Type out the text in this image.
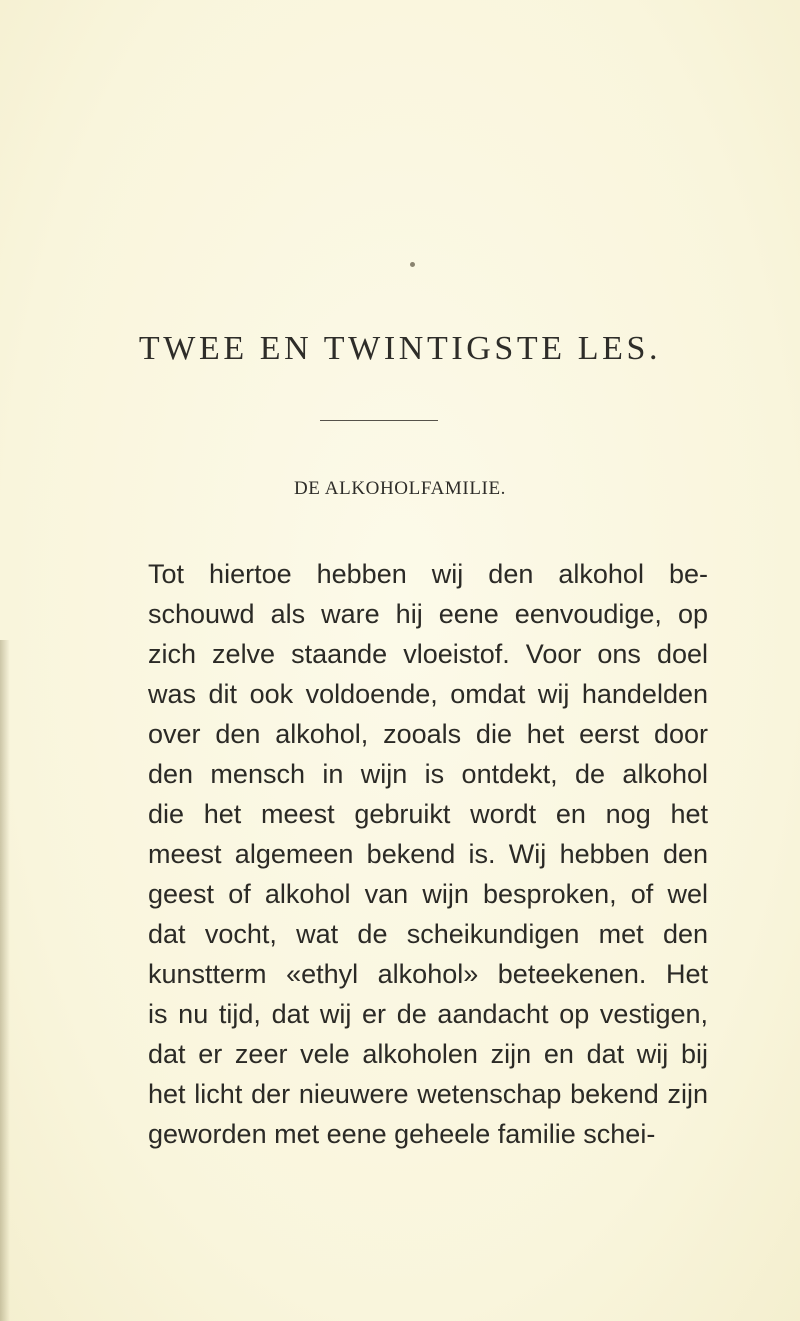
TWEE EN TWINTIGSTE LES.
DE ALKOHOLFAMILIE.
Tot hiertoe hebben wij den alkohol be-
schouwd als ware hij eene eenvoudige, op
zich zelve staande vloeistof. Voor ons doel
was dit ook voldoende, omdat wij handelden
over den alkohol, zooals die het eerst door
den mensch in wijn is ontdekt, de alkohol
die het meest gebruikt wordt en nog het
meest algemeen bekend is. Wij hebben den
geest of alkohol van wijn besproken, of wel
dat vocht, wat de scheikundigen met den
kunstterm «ethyl alkohol» beteekenen. Het
is nu tijd, dat wij er de aandacht op vestigen,
dat er zeer vele alkoholen zijn en dat wij bij
het licht der nieuwere wetenschap bekend zijn
geworden met eene geheele familie schei-
